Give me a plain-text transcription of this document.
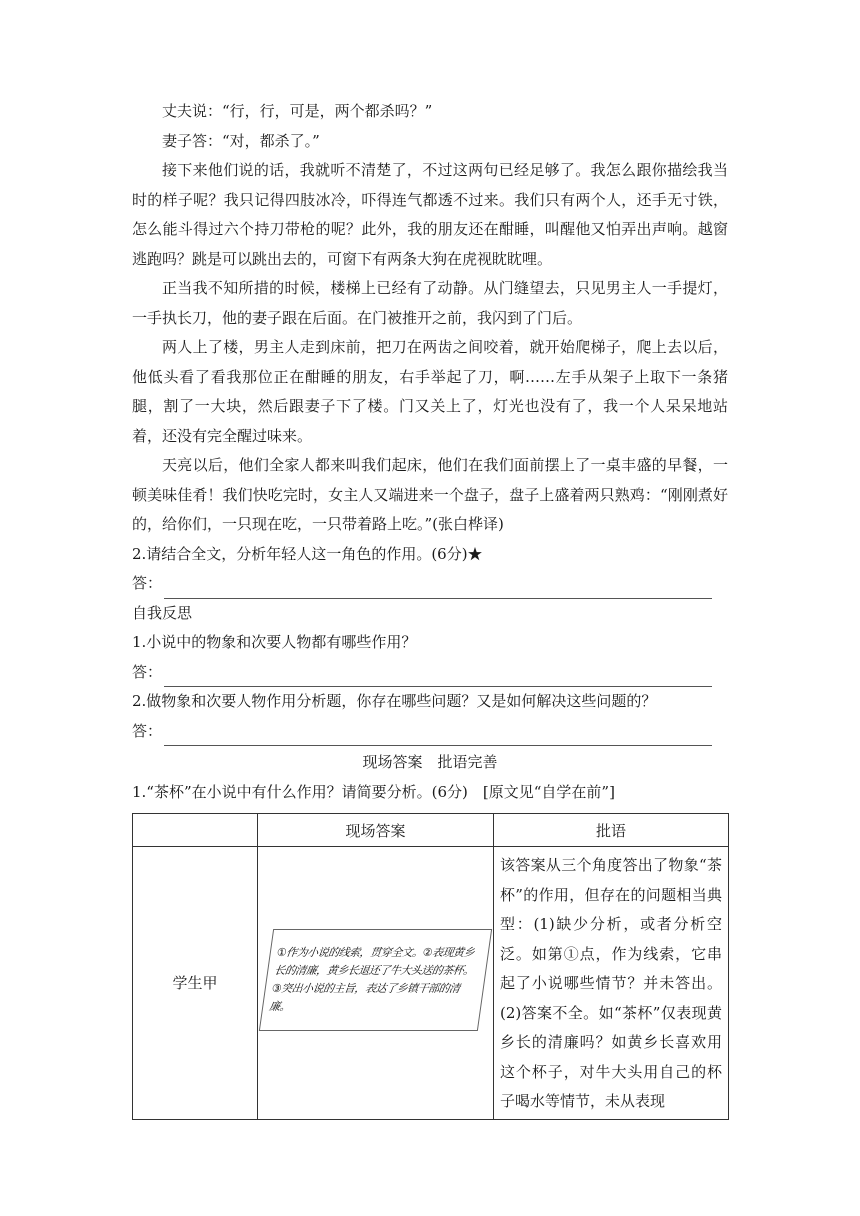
丈夫说：“行，行，可是，两个都杀吗？”

妻子答：“对，都杀了。”

接下来他们说的话，我就听不清楚了，不过这两句已经足够了。我怎么跟你描绘我当时的样子呢？我只记得四肢冰冷，吓得连气都透不过来。我们只有两个人，还手无寸铁，怎么能斗得过六个持刀带枪的呢？此外，我的朋友还在酣睡，叫醒他又怕弄出声响。越窗逃跑吗？跳是可以跳出去的，可窗下有两条大狗在虎视眈眈哩。

正当我不知所措的时候，楼梯上已经有了动静。从门缝望去，只见男主人一手提灯，一手执长刀，他的妻子跟在后面。在门被推开之前，我闪到了门后。

两人上了楼，男主人走到床前，把刀在两齿之间咬着，就开始爬梯子，爬上去以后，他低头看了看我那位正在酣睡的朋友，右手举起了刀，啊……左手从架子上取下一条猪腿，割了一大块，然后跟妻子下了楼。门又关上了，灯光也没有了，我一个人呆呆地站着，还没有完全醒过味来。

天亮以后，他们全家人都来叫我们起床，他们在我们面前摆上了一桌丰盛的早餐，一顿美味佳肴！我们快吃完时，女主人又端进来一个盘子，盘子上盛着两只熟鸡：“刚刚煮好的，给你们，一只现在吃，一只带着路上吃。”(张白桦译)

2.请结合全文，分析年轻人这一角色的作用。(6分)★

答：

自我反思

1.小说中的物象和次要人物都有哪些作用？

答：

2.做物象和次要人物作用分析题，你存在哪些问题？又是如何解决这些问题的？

答：

现场答案　批语完善

1.“茶杯”在小说中有什么作用？请简要分析。(6分)　[原文见“自学在前”]

	现场答案	批语
学生甲	①作为小说的线索，贯穿全文。②表现黄乡长的清廉，黄乡长退还了牛大头送的茶杯。③突出小说的主旨，表达了乡镇干部的清廉。	该答案从三个角度答出了物象“茶杯”的作用，但存在的问题相当典型：(1)缺少分析，或者分析空泛。如第①点，作为线索，它串起了小说哪些情节？并未答出。(2)答案不全。如“茶杯”仅表现黄乡长的清廉吗？如黄乡长喜欢用这个杯子，对牛大头用自己的杯子喝水等情节，未从表现
